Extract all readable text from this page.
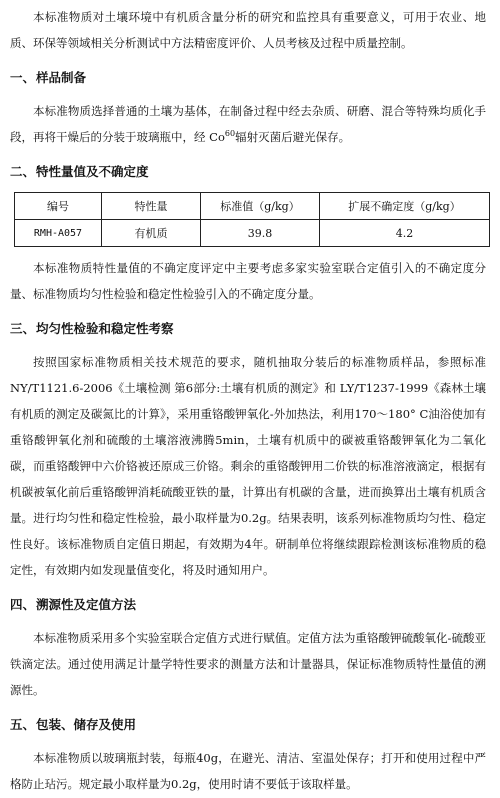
本标准物质对土壤环境中有机质含量分析的研究和监控具有重要意义，可用于农业、地质、环保等领域相关分析测试中方法精密度评价、人员考核及过程中质量控制。

一、样品制备

本标准物质选择普通的土壤为基体，在制备过程中经去杂质、研磨、混合等特殊均质化手段，再将干燥后的分装于玻璃瓶中，经 Co$^{60}$辐射灭菌后避光保存。

二、特性量值及不确定度
编号	特性量	标准值（g/kg）	扩展不确定度（g/kg）
RMH-A057	有机质	39.8	4.2

本标准物质特性量值的不确定度评定中主要考虑多家实验室联合定值引入的不确定度分量、标准物质均匀性检验和稳定性检验引入的不确定度分量。

三、均匀性检验和稳定性考察

按照国家标准物质相关技术规范的要求，随机抽取分装后的标准物质样品，参照标准 NY/T1121.6-2006《土壤检测 第6部分:土壤有机质的测定》和 LY/T1237-1999《森林土壤有机质的测定及碳氮比的计算》，采用重铬酸钾氧化-外加热法，利用170～180° C油浴使加有重铬酸钾氧化剂和硫酸的土壤溶液沸腾5min，土壤有机质中的碳被重铬酸钾氧化为二氧化碳，而重铬酸钾中六价铬被还原成三价铬。剩余的重铬酸钾用二价铁的标准溶液滴定，根据有机碳被氧化前后重铬酸钾消耗硫酸亚铁的量，计算出有机碳的含量，进而换算出土壤有机质含量。进行均匀性和稳定性检验，最小取样量为0.2g。结果表明，该系列标准物质均匀性、稳定性良好。该标准物质自定值日期起，有效期为4年。研制单位将继续跟踪检测该标准物质的稳定性，有效期内如发现量值变化，将及时通知用户。

四、溯源性及定值方法

本标准物质采用多个实验室联合定值方式进行赋值。定值方法为重铬酸钾硫酸氧化-硫酸亚铁滴定法。通过使用满足计量学特性要求的测量方法和计量器具，保证标准物质特性量值的溯源性。

五、包装、储存及使用

本标准物质以玻璃瓶封装，每瓶40g，在避光、清洁、室温处保存；打开和使用过程中严格防止玷污。规定最小取样量为0.2g，使用时请不要低于该取样量。
